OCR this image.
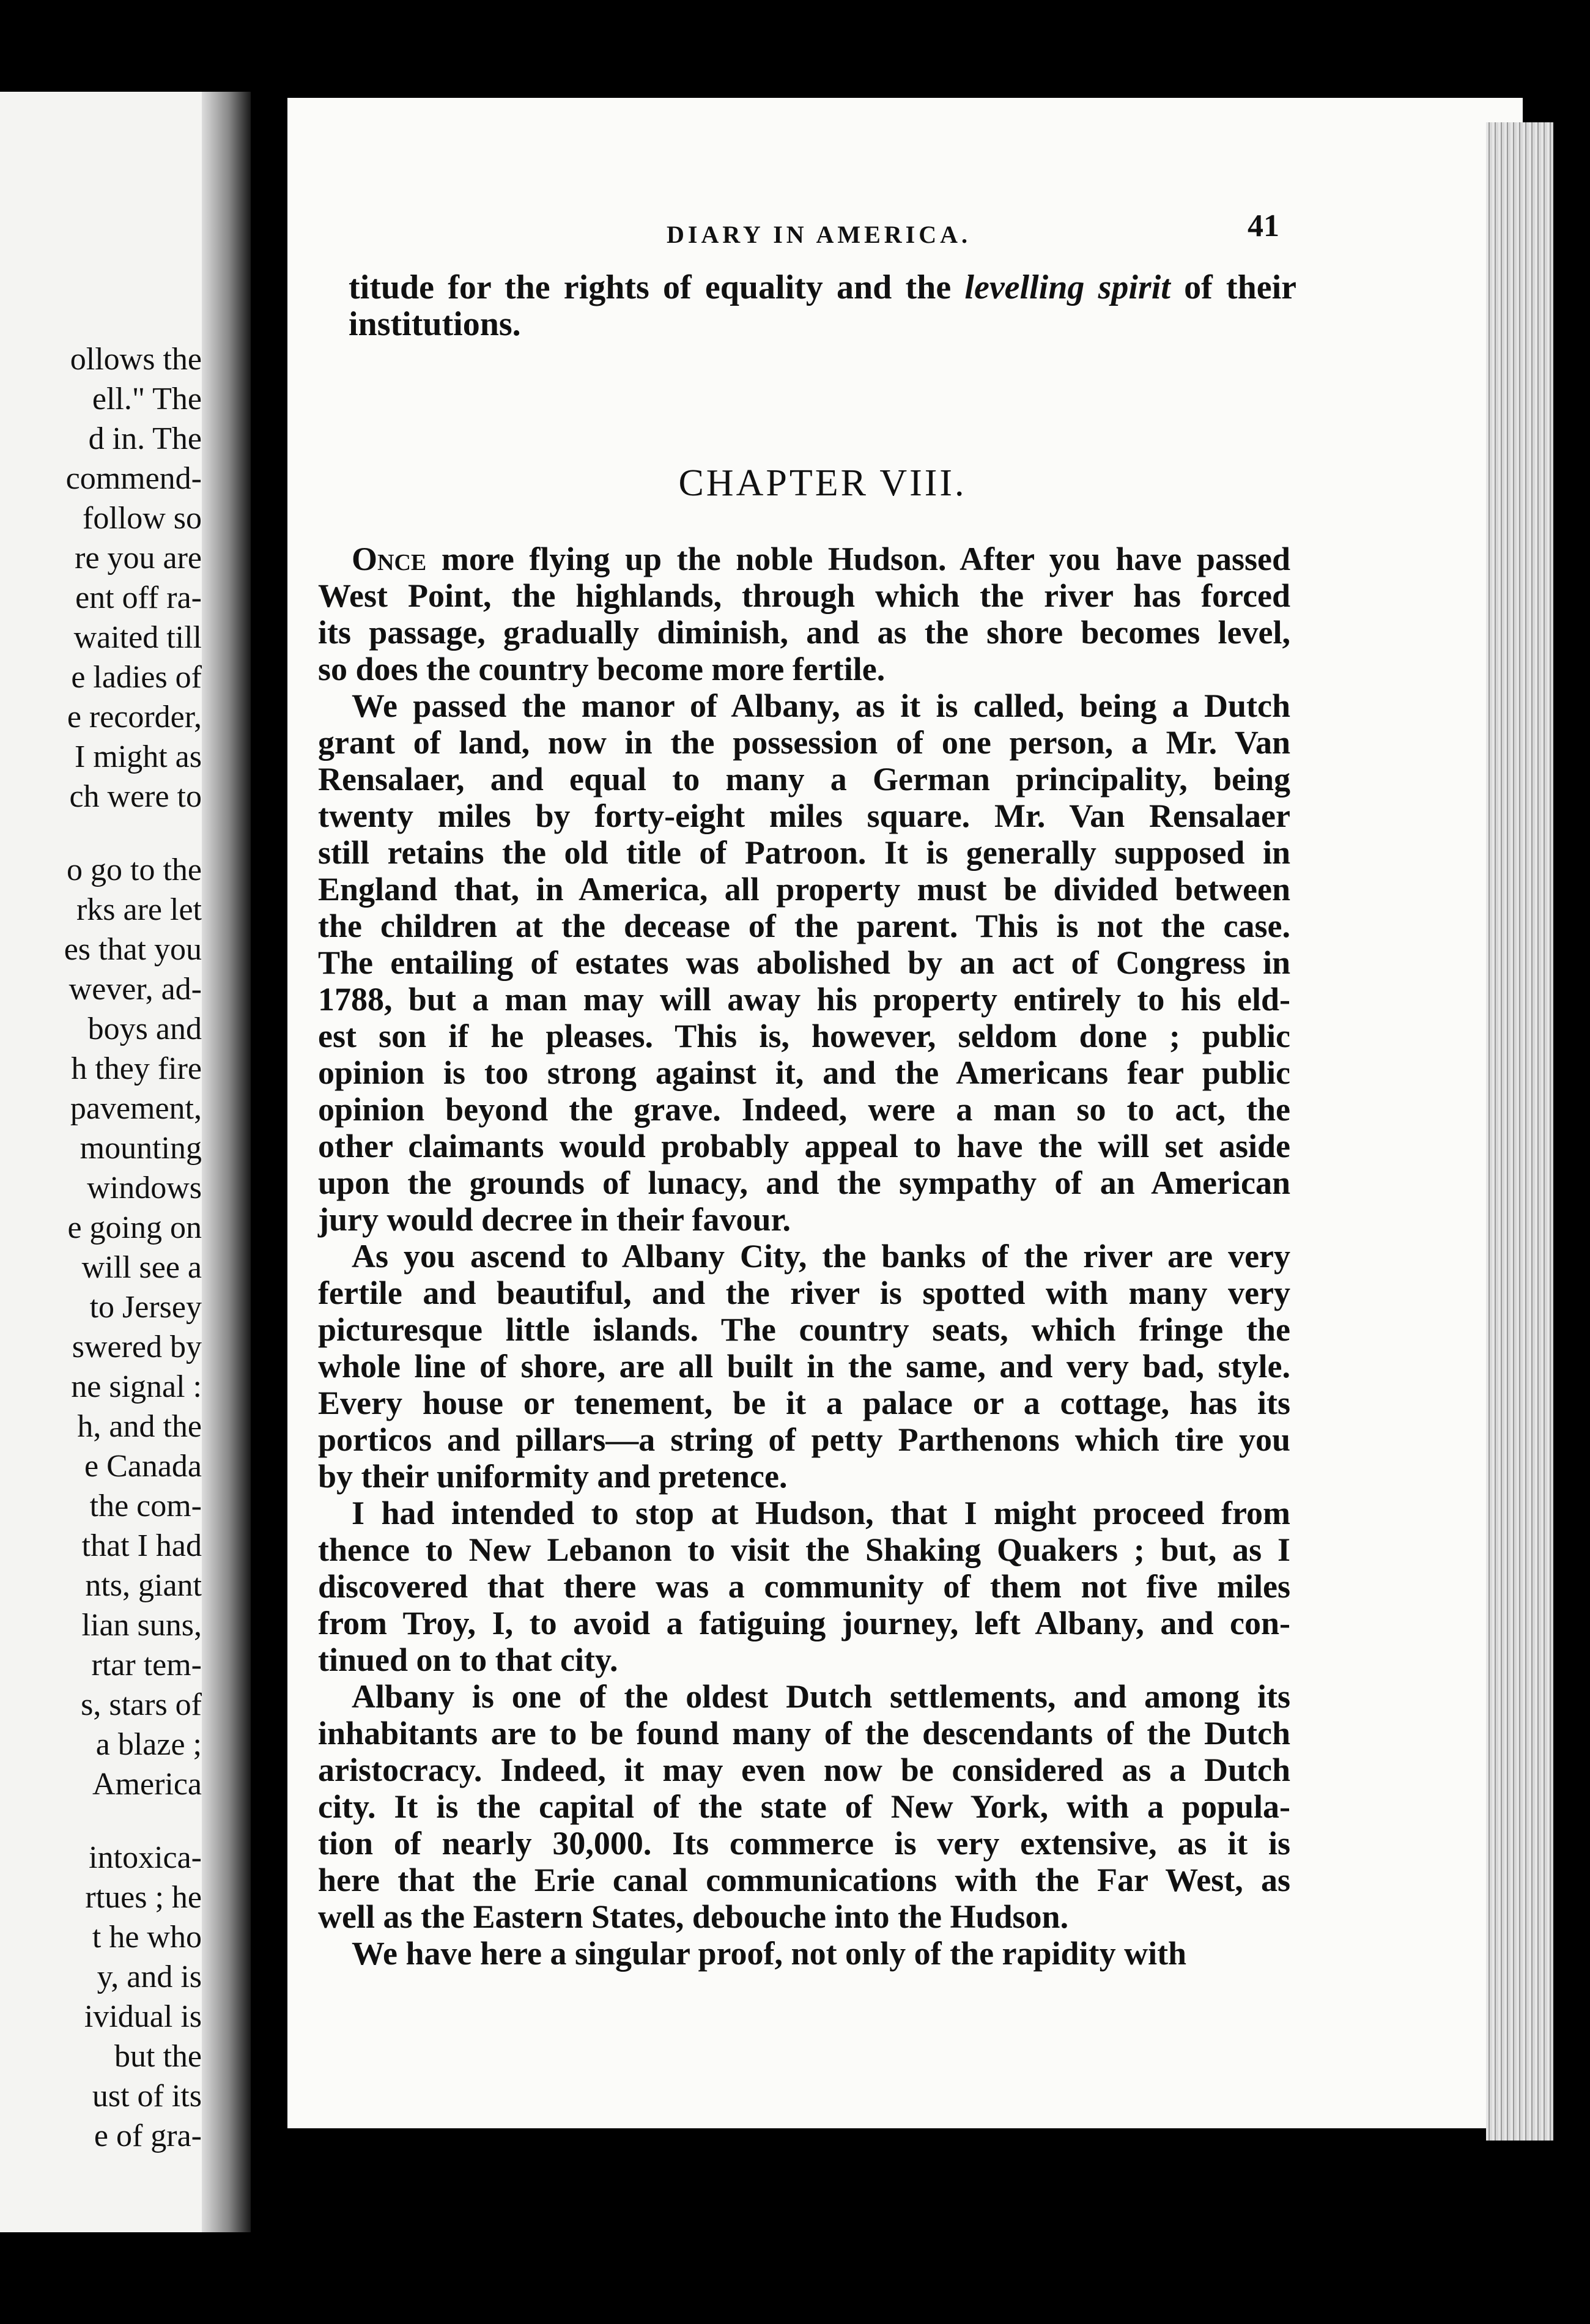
ollows the
ell." The
d in. The
commend-
follow so
re you are
ent off ra-
waited till
e ladies of
e recorder,
I might as
ch were to
o go to the
rks are let
es that you
wever, ad-
boys and
h they fire
pavement,
mounting
windows
e going on
will see a
to Jersey
swered by
ne signal :
h, and the
e Canada
the com-
that I had
nts, giant
lian suns,
rtar tem-
s, stars of
a blaze ;
America
intoxica-
rtues ; he
t he who
y, and is
ividual is
but the
ust of its
e of gra-
DIARY IN AMERICA.	41
titude for the rights of equality and the levelling spirit of their
institutions.
CHAPTER VIII.
Once more flying up the noble Hudson. After you have passed
West Point, the highlands, through which the river has forced
its passage, gradually diminish, and as the shore becomes level,
so does the country become more fertile.
We passed the manor of Albany, as it is called, being a Dutch
grant of land, now in the possession of one person, a Mr. Van
Rensalaer, and equal to many a German principality, being
twenty miles by forty-eight miles square. Mr. Van Rensalaer
still retains the old title of Patroon. It is generally supposed in
England that, in America, all property must be divided between
the children at the decease of the parent. This is not the case.
The entailing of estates was abolished by an act of Congress in
1788, but a man may will away his property entirely to his eld-
est son if he pleases. This is, however, seldom done ; public
opinion is too strong against it, and the Americans fear public
opinion beyond the grave. Indeed, were a man so to act, the
other claimants would probably appeal to have the will set aside
upon the grounds of lunacy, and the sympathy of an American
jury would decree in their favour.
As you ascend to Albany City, the banks of the river are very
fertile and beautiful, and the river is spotted with many very
picturesque little islands. The country seats, which fringe the
whole line of shore, are all built in the same, and very bad, style.
Every house or tenement, be it a palace or a cottage, has its
porticos and pillars—a string of petty Parthenons which tire you
by their uniformity and pretence.
I had intended to stop at Hudson, that I might proceed from
thence to New Lebanon to visit the Shaking Quakers ; but, as I
discovered that there was a community of them not five miles
from Troy, I, to avoid a fatiguing journey, left Albany, and con-
tinued on to that city.
Albany is one of the oldest Dutch settlements, and among its
inhabitants are to be found many of the descendants of the Dutch
aristocracy. Indeed, it may even now be considered as a Dutch
city. It is the capital of the state of New York, with a popula-
tion of nearly 30,000. Its commerce is very extensive, as it is
here that the Erie canal communications with the Far West, as
well as the Eastern States, debouche into the Hudson.
We have here a singular proof, not only of the rapidity with
